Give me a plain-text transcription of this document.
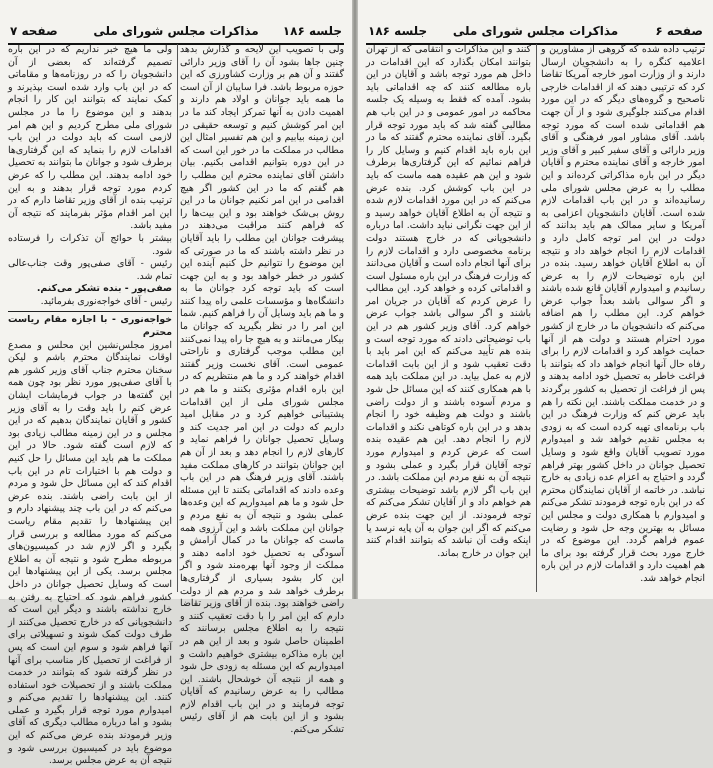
صفحه ۷	مذاکرات مجلس شورای ملی جلسه ۱۸۶

ولی با تصویب این لایحه و گذارش بدهد چنین جاها بشود آن را آقای وزیر دارائی گفتند و آن هم بر وزارت کشاورزی که این حوزه مربوط باشد. فرا سایبان از آن است ما همه باید جوانان و اولاد هم دارند و اهمیت دادن به آنها تمرکز ایجاد کند ما در این امر کوشش کنیم و توسعه حقیقی در این زمینه بیابیم و این هم تفسیر امثال این مطالب در مملکت ما در خور این است که در این دوره بتوانیم اقدامی بکنیم. بیان داشتن آقای نماینده محترم این مطلب را هم گفتم که ما در این کشور اگر هیچ اقدامی در این امر نکنیم جوانان ما در این روش بی‌شک خواهند بود و این بیت‌ها را که فراهم کنند مراقبت می‌دهند در پیشرفت جوانان این مطلب را باید آقایان در نظر داشته باشند که ما در صورتی که این موضوع را نتوانیم حل کنیم آینده این کشور در خطر خواهد بود و به این جهت است که باید توجه کرد جوانان ما به دانشگاه‌ها و مؤسسات علمی راه پیدا کنند و ما هم باید وسایل آن را فراهم کنیم. شما این امر را در نظر بگیرید که جوانان ما بیکار می‌مانند و به هیچ جا راه پیدا نمی‌کنند این مطلب موجب گرفتاری و ناراحتی عمومی است. آقای نخست وزیر گفتند اقدام خواهند کرد و ما هم منتظریم که در این باره اقدام مؤثری بکنند و ما هم در مجلس شورای ملی از این اقدامات پشتیبانی خواهیم کرد و در مقابل امید داریم که دولت در این امر جدیت کند و وسایل تحصیل جوانان را فراهم نماید و کارهای لازم را انجام دهد و بعد از آن هم این جوانان بتوانند در کارهای مملکت مفید باشند. آقای وزیر فرهنگ هم در این باب وعده دادند که اقداماتی بکنند تا این مسئله حل شود و ما هم امیدواریم که این وعده‌ها عملی بشود و نتیجه آن به نفع مردم و جوانان این مملکت باشد و این آرزوی همه ماست که جوانان ما در کمال آرامش و آسودگی به تحصیل خود ادامه دهند و مملکت از وجود آنها بهره‌مند شود و اگر این کار بشود بسیاری از گرفتاری‌ها برطرف خواهد شد و مردم هم از دولت راضی خواهند بود. بنده از آقای وزیر تقاضا دارم که این امر را با دقت تعقیب کنند و نتیجه را به اطلاع مجلس برسانند که اطمینان حاصل شود و بعد از این هم در این باره مذاکره بیشتری خواهیم داشت و امیدواریم که این مسئله به زودی حل شود و همه از نتیجه آن خوشحال باشند. این مطالب را به عرض رسانیدم که آقایان توجه فرمایند و در این باب اقدام لازم بشود و از این بابت هم از آقای رئیس تشکر می‌کنم.

ولی ما هیچ خبر نداریم که در این باره تصمیم گرفته‌اند که بعضی از آن دانشجویان را که در روزنامه‌ها و مقاماتی که در این باب وارد شده است بپذیرند و کمک نمایند که بتوانند این کار را انجام بدهند و این موضوع را ما در مجلس شورای ملی مطرح کردیم و این هم امر لازمی است که باید دولت در این باب اقدامات لازم را بنماید که این گرفتاری‌ها برطرف شود و جوانان ما بتوانند به تحصیل خود ادامه بدهند. این مطلب را که عرض کردم مورد توجه قرار بدهند و به این ترتیب بنده از آقای وزیر تقاضا دارم که در این امر اقدام مؤثر بفرمایند که نتیجه آن مفید باشد.

بیشتر با حوائج آن تذکرات را فرستاده شود.

رئیس - آقای صفی‌پور وقت جناب‌عالی تمام شد.

صفی‌پور - بنده تشکر می‌کنم.

رئیس - آقای خواجه‌نوری بفرمائید.

خواجه‌نوری - با اجازه مقام ریاست محترم

امروز مجلس‌نشین این محلس و مصدع اوقات نمایندگان محترم باشم و لیکن سخنان محترم جناب آقای وزیر کشور هم با آقای صفی‌پور مورد نظر بود چون همه این گفته‌ها در جواب فرمایشات ایشان عرض کنم را باید وقت را به آقای وزیر کشور و آقایان نمایندگان بدهیم که در این مجلس و در این زمینه مطالب زیادی بود که لازم است گفته شود. حالا در این مملکت ما هم باید این مسائل را حل کنیم و دولت هم با اختیارات تام در این باب اقدام کند که این مسائل حل شود و مردم از این بابت راضی باشند. بنده عرض می‌کنم که در این باب چند پیشنهاد دارم و این پیشنهادها را تقدیم مقام ریاست می‌کنم که مورد مطالعه و بررسی قرار بگیرد و اگر لازم شد در کمیسیون‌های مربوطه مطرح شود و نتیجه آن به اطلاع مجلس برسد. یکی از این پیشنهادها این است که وسایل تحصیل جوانان در داخل کشور فراهم شود که احتیاج به رفتن به خارج نداشته باشند و دیگر این است که دانشجویانی که در خارج تحصیل می‌کنند از طرف دولت کمک شوند و تسهیلاتی برای آنها فراهم شود و سوم این است که پس از فراغت از تحصیل کار مناسب برای آنها در نظر گرفته شود که بتوانند در خدمت مملکت باشند و از تحصیلات خود استفاده کنند. این پیشنهادها را تقدیم می‌کنم و امیدوارم مورد توجه قرار بگیرد و عملی بشود و اما درباره مطالب دیگری که آقای وزیر فرمودند بنده عرض می‌کنم که این موضوع باید در کمیسیون بررسی شود و نتیجه آن به عرض مجلس برسد.

صفحه ۶
مذاکرات مجلس شورای ملی
جلسه ۱۸۶

ترتیب داده شده که گروهی از مشاورین و اعلامیه کنگره را به دانشجویان ارسال دارند و از وزارت امور خارجه آمریکا تقاضا کرد که ترتیبی دهند که از اقدامات خارجی ناصحیح و گروه‌های دیگر که در این مورد اقدام می‌کنند جلوگیری شود و از آن جهت هم اقداماتی شده است که مورد توجه باشد. آقای مشاور امور فرهنگی و آقای وزیر دارائی و آقای سفیر کبیر و آقای وزیر امور خارجه و آقای نماینده محترم و آقایان دیگر در این باره مذاکراتی کرده‌اند و این مطلب را به عرض مجلس شورای ملی رسانیده‌اند و در این باب اقدامات لازم شده است. آقایان دانشجویان اعزامی به آمریکا و سایر ممالک هم باید بدانند که دولت در این امر توجه کامل دارد و اقدامات لازم را انجام خواهد داد و نتیجه آن به اطلاع آقایان خواهد رسید. بنده در این باره توضیحات لازم را به عرض رسانیدم و امیدوارم آقایان قانع شده باشند و اگر سوالی باشد بعداً جواب عرض خواهم کرد. این مطلب را هم اضافه می‌کنم که دانشجویان ما در خارج از کشور مورد احترام هستند و دولت هم از آنها حمایت خواهد کرد و اقدامات لازم را برای رفاه حال آنها انجام خواهد داد که بتوانند با فراغت خاطر به تحصیل خود ادامه بدهند و پس از فراغت از تحصیل به کشور برگردند و در خدمت مملکت باشند. این نکته را هم باید عرض کنم که وزارت فرهنگ در این باب برنامه‌ای تهیه کرده است که به زودی به مجلس تقدیم خواهد شد و امیدوارم مورد تصویب آقایان واقع شود و وسایل تحصیل جوانان در داخل کشور بهتر فراهم گردد و احتیاج به اعزام عده زیادی به خارج نباشد. در خاتمه از آقایان نمایندگان محترم که در این باره توجه فرمودند تشکر می‌کنم و امیدوارم با همکاری دولت و مجلس این مسائل به بهترین وجه حل شود و رضایت عموم فراهم گردد. این موضوع که در خارج مورد بحث قرار گرفته بود برای ما هم اهمیت دارد و اقدامات لازم در این باره انجام خواهد شد.

کنند و این مذاکرات و انتقامی که از تهران بتوانند امکان بگذارد که این اقدامات در داخل هم مورد توجه باشد و آقایان در این باره مطالعه کنند که چه اقداماتی باید بشود. آمده که فقط به وسیله یک جلسه محاکمه در امور عمومی و در این باب هم مطالبی گفته شد که باید مورد توجه قرار بگیرد. آقای نماینده محترم گفتند که ما در این باره باید اقدام کنیم و وسایل کار را فراهم نمائیم که این گرفتاری‌ها برطرف شود و این هم عقیده همه ماست که باید در این باب کوشش کرد. بنده عرض می‌کنم که در این مورد اقدامات لازم شده و نتیجه آن به اطلاع آقایان خواهد رسید و از این جهت نگرانی نباید داشت. اما درباره دانشجویانی که در خارج هستند دولت برنامه مخصوصی دارد و اقدامات لازم را برای آنها انجام داده است و آقایان می‌دانند که وزارت فرهنگ در این باره مسئول است و اقداماتی کرده و خواهد کرد. این مطالب را عرض کردم که آقایان در جریان امر باشند و اگر سوالی باشد جواب عرض خواهم کرد. آقای وزیر کشور هم در این باب توضیحاتی دادند که مورد توجه است و بنده هم تأیید می‌کنم که این امر باید با دقت تعقیب شود و از این بابت اقدامات لازم به عمل بیاید. در این مملکت باید همه با هم همکاری کنند که این مسائل حل شود و مردم آسوده باشند و از دولت راضی باشند و دولت هم وظیفه خود را انجام بدهد و در این باره کوتاهی نکند و اقدامات لازم را انجام دهد. این هم عقیده بنده است که عرض کردم و امیدوارم مورد توجه آقایان قرار بگیرد و عملی بشود و نتیجه آن به نفع مردم این مملکت باشد. در این باب اگر لازم باشد توضیحات بیشتری هم خواهم داد و از آقایان تشکر می‌کنم که توجه فرمودند. از این جهت بنده عرض می‌کنم که اگر این جوان به آن پایه نرسد یا اینکه وقت آن نباشد که بتوانند اقدام کنند این جوان در خارج بماند.
